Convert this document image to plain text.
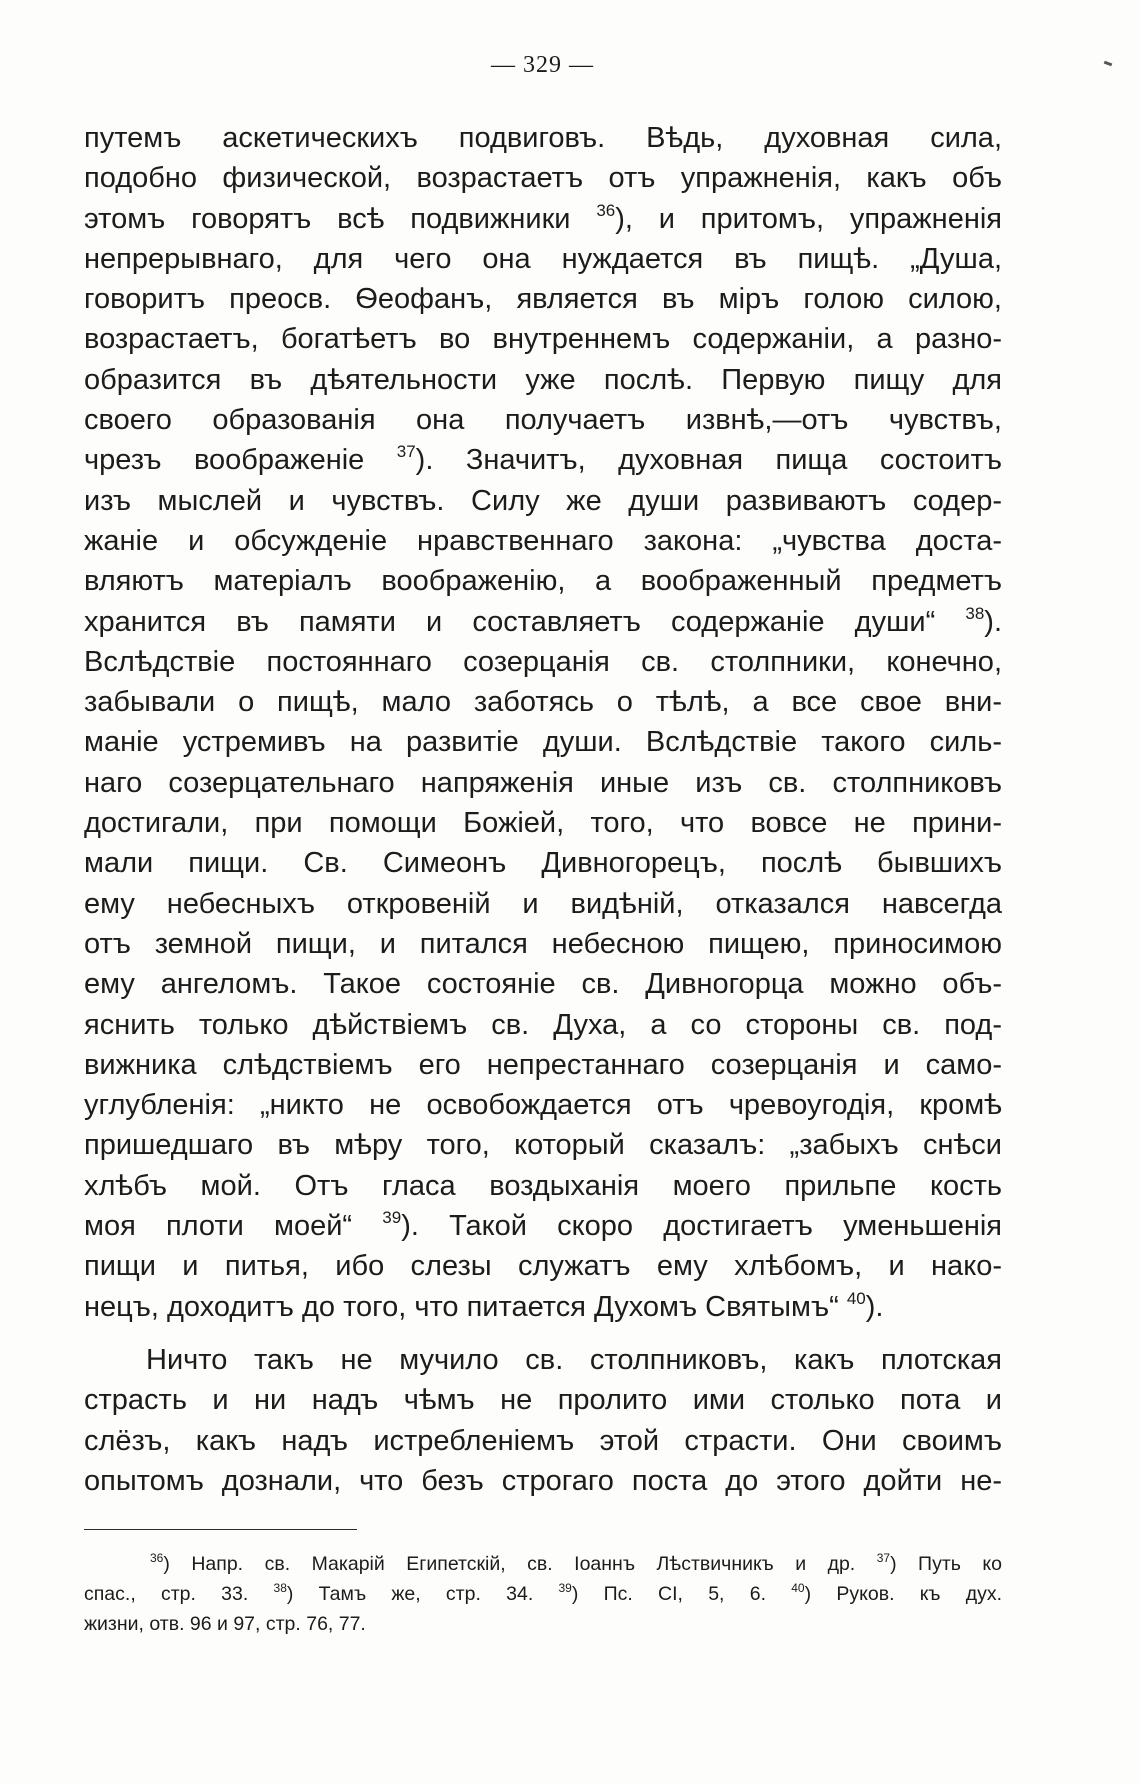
— 329 —
путемъ аскетическихъ подвиговъ. Вѣдь, духовная сила,
подобно физической, возрастаетъ отъ упражненія, какъ объ
этомъ говорятъ всѣ подвижники $^{36}$), и притомъ, упражненія
непрерывнаго, для чего она нуждается въ пищѣ. „Душа,
говоритъ преосв. Ѳеофанъ, является въ міръ голою силою,
возрастаетъ, богатѣетъ во внутреннемъ содержаніи, а разно-
образится въ дѣятельности уже послѣ. Первую пищу для
своего образованія она получаетъ извнѣ,—отъ чувствъ,
чрезъ воображеніе $^{37}$). Значитъ, духовная пища состоитъ
изъ мыслей и чувствъ. Силу же души развиваютъ содер-
жаніе и обсужденіе нравственнаго закона: „чувства доста-
вляютъ матеріалъ воображенію, а воображенный предметъ
хранится въ памяти и составляетъ содержаніе души“ $^{38}$).
Вслѣдствіе постояннаго созерцанія св. столпники, конечно,
забывали о пищѣ, мало заботясь о тѣлѣ, а все свое вни-
маніе устремивъ на развитіе души. Вслѣдствіе такого силь-
наго созерцательнаго напряженія иные изъ св. столпниковъ
достигали, при помощи Божіей, того, что вовсе не прини-
мали пищи. Св. Симеонъ Дивногорецъ, послѣ бывшихъ
ему небесныхъ откровеній и видѣній, отказался навсегда
отъ земной пищи, и питался небесною пищею, приносимою
ему ангеломъ. Такое состояніе св. Дивногорца можно объ-
яснить только дѣйствіемъ св. Духа, а со стороны св. под-
вижника слѣдствіемъ его непрестаннаго созерцанія и само-
углубленія: „никто не освобождается отъ чревоугодія, кромѣ
пришедшаго въ мѣру того, который сказалъ: „забыхъ снѣси
хлѣбъ мой. Отъ гласа воздыханія моего прильпе кость
моя плоти моей“ $^{39}$). Такой скоро достигаетъ уменьшенія
пищи и питья, ибо слезы служатъ ему хлѣбомъ, и нако-
нецъ, доходитъ до того, что питается Духомъ Святымъ“ $^{40}$).
Ничто такъ не мучило св. столпниковъ, какъ плотская
страсть и ни надъ чѣмъ не пролито ими столько пота и
слёзъ, какъ надъ истребленіемъ этой страсти. Они своимъ
опытомъ дознали, что безъ строгаго поста до этого дойти не-
$^{36}$) Напр. св. Макарій Египетскій, св. Іоаннъ Лѣствичникъ и др. $^{37}$) Путь ко
спас., стр. 33. $^{38}$) Тамъ же, стр. 34. $^{39}$) Пс. CI, 5, 6. $^{40}$) Руков. къ дух.
жизни, отв. 96 и 97, стр. 76, 77.
